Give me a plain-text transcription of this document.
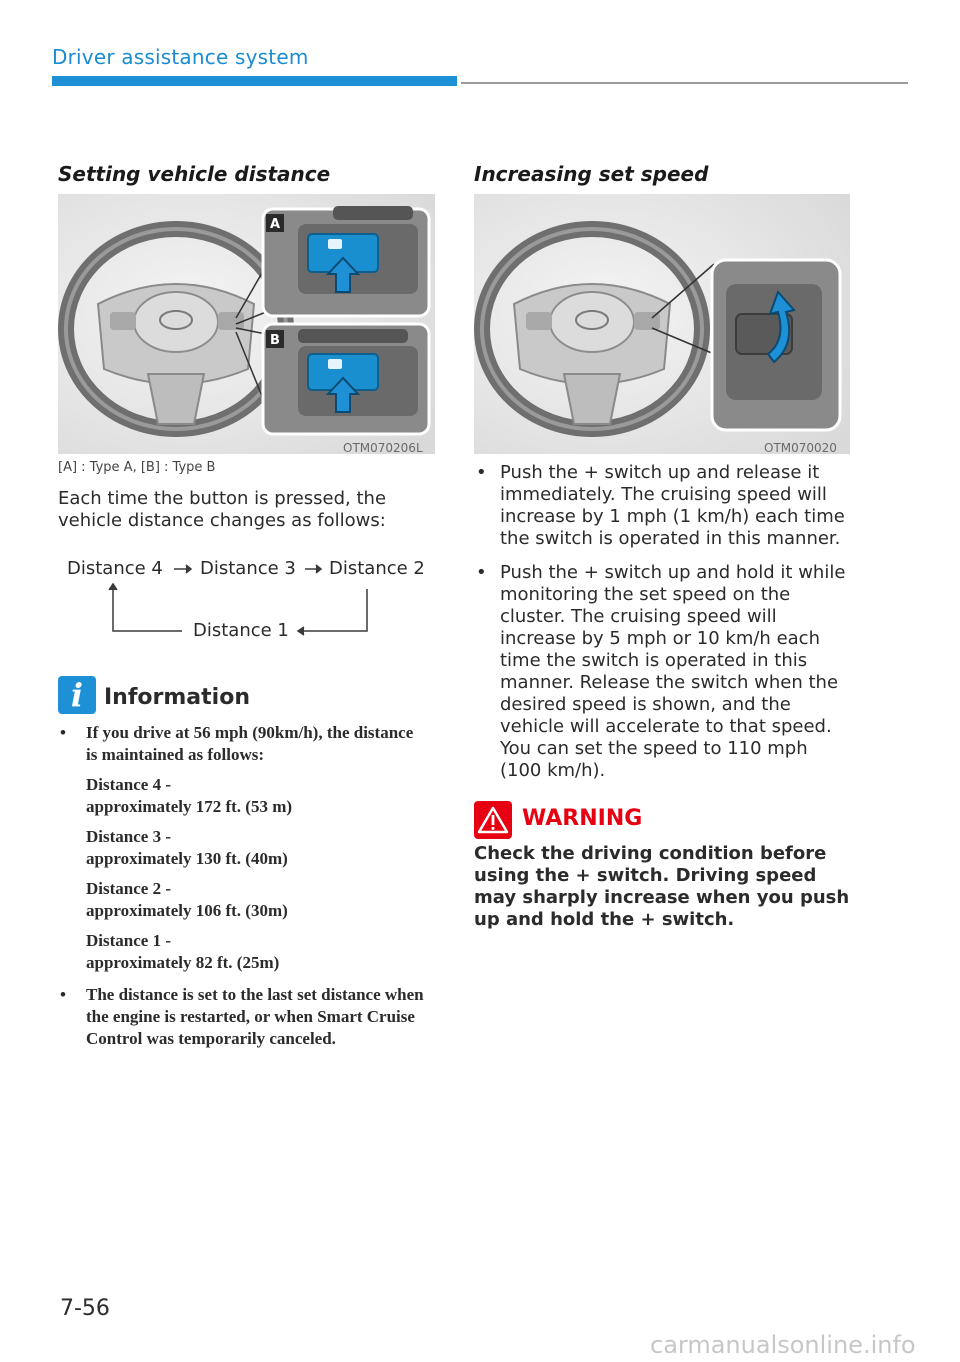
Driver assistance system
Setting vehicle distance
A
B
OTM070206L
[A] : Type A, [B] : Type B
Each time the button is pressed, the vehicle distance changes as follows:
Distance 4 Distance 3 Distance 2
Distance 1
i Information
• If you drive at 56 mph (90km/h), the distance is maintained as follows:
Distance 4 -
approximately 172 ft. (53 m)
Distance 3 -
approximately 130 ft. (40m)
Distance 2 -
approximately 106 ft. (30m)
Distance 1 -
approximately 82 ft. (25m)
• The distance is set to the last set distance when the engine is restarted, or when Smart Cruise Control was temporarily canceled.
Increasing set speed
OTM070020
• Push the + switch up and release it immediately. The cruising speed will increase by 1 mph (1 km/h) each time the switch is operated in this manner.
• Push the + switch up and hold it while monitoring the set speed on the cluster. The cruising speed will increase by 5 mph or 10 km/h each time the switch is operated in this manner. Release the switch when the desired speed is shown, and the vehicle will accelerate to that speed. You can set the speed to 110 mph (100 km/h).
WARNING
Check the driving condition before using the + switch. Driving speed may sharply increase when you push up and hold the + switch.
7-56
carmanualsonline.info
